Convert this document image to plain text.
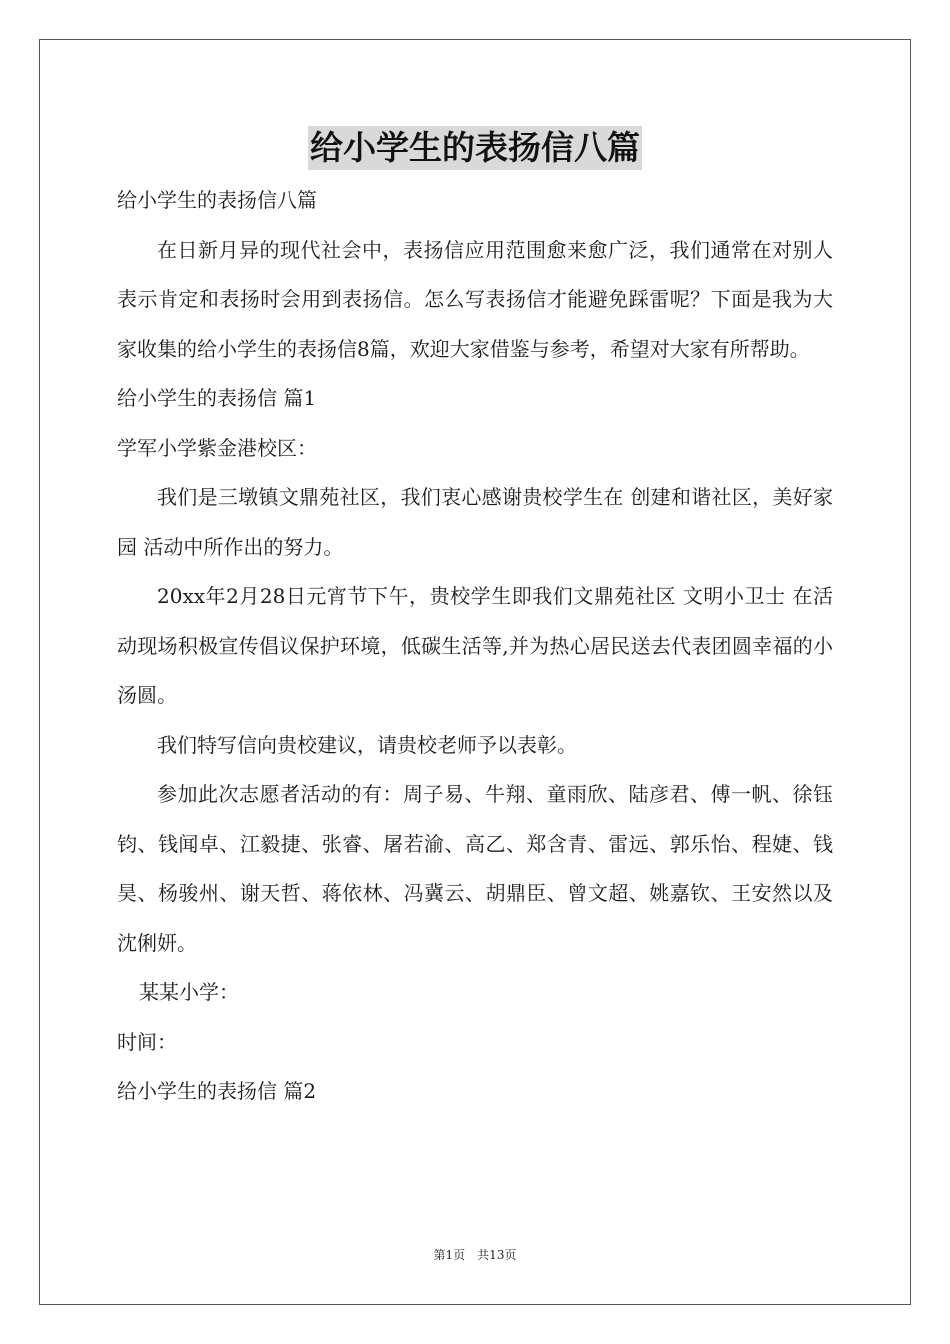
给小学生的表扬信八篇

给小学生的表扬信八篇

在日新月异的现代社会中，表扬信应用范围愈来愈广泛，我们通常在对别人表示肯定和表扬时会用到表扬信。怎么写表扬信才能避免踩雷呢？下面是我为大家收集的给小学生的表扬信8篇，欢迎大家借鉴与参考，希望对大家有所帮助。

给小学生的表扬信 篇1

学军小学紫金港校区：

我们是三墩镇文鼎苑社区，我们衷心感谢贵校学生在 创建和谐社区，美好家园 活动中所作出的努力。

20xx年2月28日元宵节下午，贵校学生即我们文鼎苑社区 文明小卫士 在活动现场积极宣传倡议保护环境，低碳生活等,并为热心居民送去代表团圆幸福的小汤圆。

我们特写信向贵校建议，请贵校老师予以表彰。

参加此次志愿者活动的有：周子易、牛翔、童雨欣、陆彦君、傅一帆、徐钰钧、钱闻卓、江毅捷、张睿、屠若渝、高乙、郑含青、雷远、郭乐怡、程婕、钱昊、杨骏州、谢天哲、蒋依林、冯冀云、胡鼎臣、曾文超、姚嘉钦、王安然以及沈俐妍。

某某小学：

时间：

给小学生的表扬信 篇2

第1页　共13页
